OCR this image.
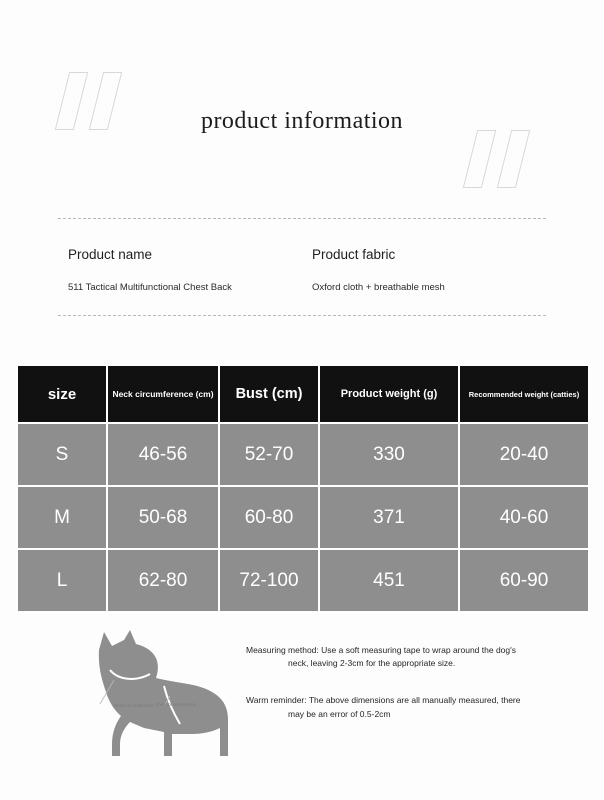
product information
Product name	Product fabric
511 Tactical Multifunctional Chest Back	Oxford cloth + breathable mesh
size	Neck circumference (cm)	Bust (cm)	Product weight (g)	Recommended weight (catties)
S	46-56	52-70	330	20-40
M	50-68	60-80	371	40-60
L	62-80	72-100	451	60-90
Neck circumference chest circumference
Measuring method: Use a soft measuring tape to wrap around the dog's
neck, leaving 2-3cm for the appropriate size.
Warm reminder: The above dimensions are all manually measured, there
may be an error of 0.5-2cm
